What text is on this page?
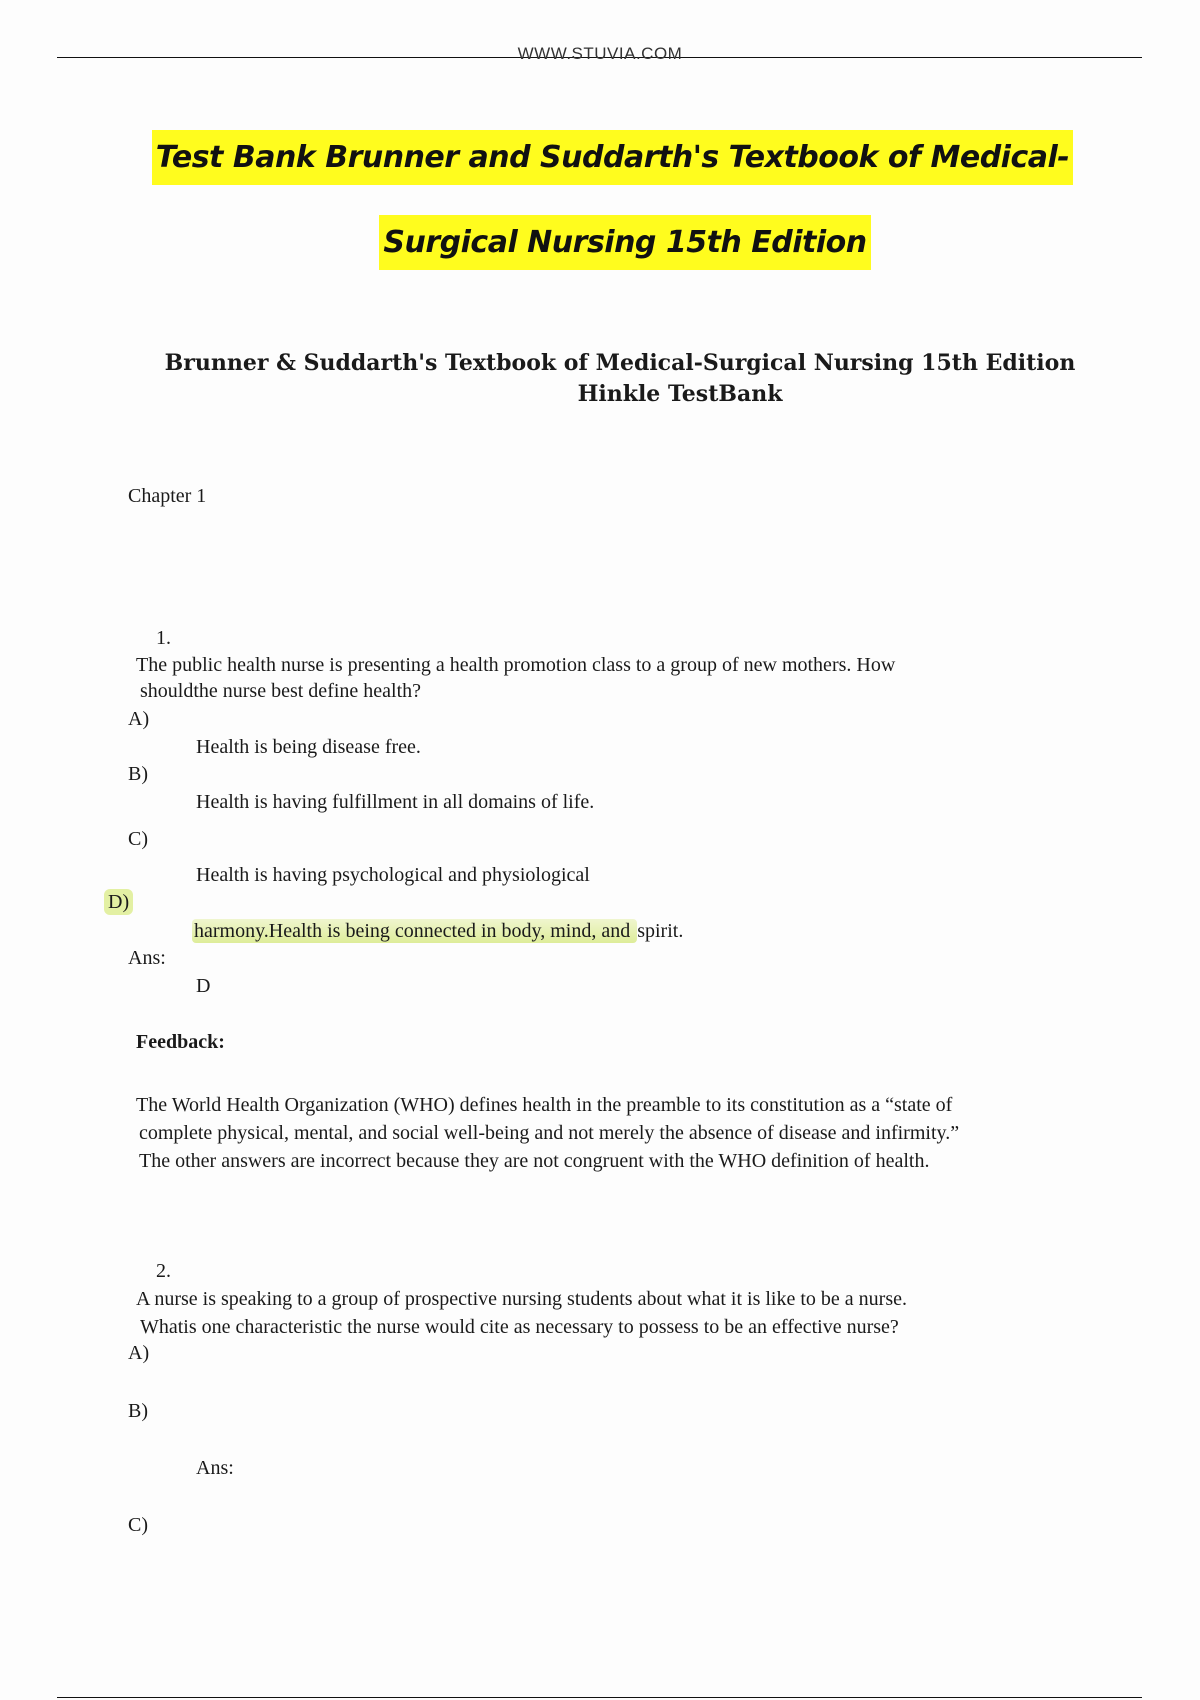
WWW.STUVIA.COM
Test Bank Brunner and Suddarth's Textbook of Medical-
Surgical Nursing 15th Edition
Brunner & Suddarth's Textbook of Medical-Surgical Nursing 15th Edition
Hinkle TestBank
Chapter 1
1.
The public health nurse is presenting a health promotion class to a group of new mothers. How
shouldthe nurse best define health?
A)
Health is being disease free.
B)
Health is having fulfillment in all domains of life.
C)
Health is having psychological and physiological
D)
harmony.Health is being connected in body, mind, and spirit.
Ans:
D
Feedback:
The World Health Organization (WHO) defines health in the preamble to its constitution as a “state of
complete physical, mental, and social well-being and not merely the absence of disease and infirmity.”
The other answers are incorrect because they are not congruent with the WHO definition of health.
2.
A nurse is speaking to a group of prospective nursing students about what it is like to be a nurse.
Whatis one characteristic the nurse would cite as necessary to possess to be an effective nurse?
A)
B)
Ans:
C)
